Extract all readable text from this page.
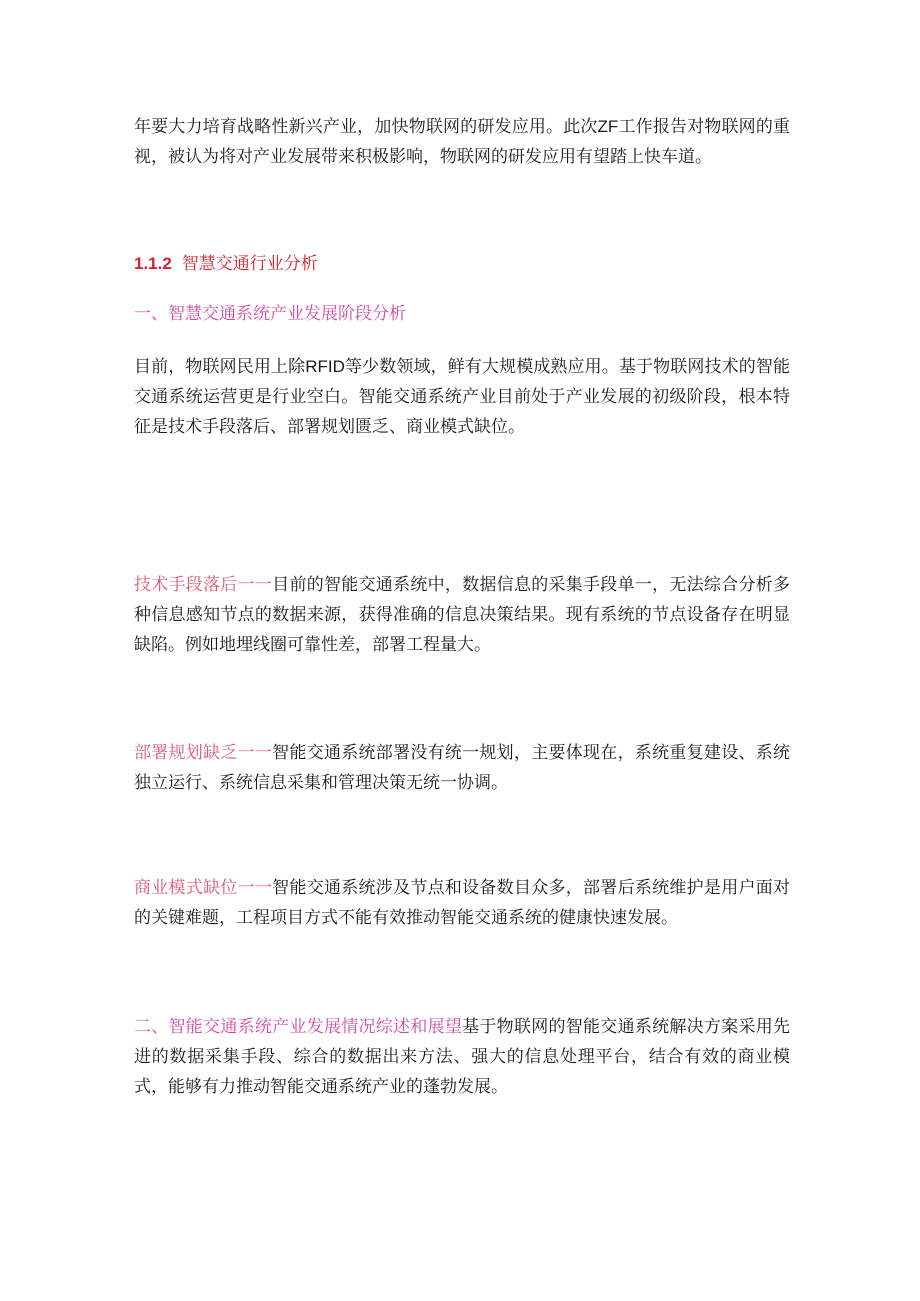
年要大力培育战略性新兴产业，加快物联网的研发应用。此次ZF工作报告对物联网的重视，被认为将对产业发展带来积极影响，物联网的研发应用有望踏上快车道。

1.1.2 智慧交通行业分析
一、智慧交通系统产业发展阶段分析

目前，物联网民用上除RFID等少数领域，鲜有大规模成熟应用。基于物联网技术的智能交通系统运营更是行业空白。智能交通系统产业目前处于产业发展的初级阶段，根本特征是技术手段落后、部署规划匮乏、商业模式缺位。

技术手段落后一一目前的智能交通系统中，数据信息的采集手段单一，无法综合分析多种信息感知节点的数据来源，获得准确的信息决策结果。现有系统的节点设备存在明显缺陷。例如地埋线圈可靠性差，部署工程量大。

部署规划缺乏一一智能交通系统部署没有统一规划，主要体现在，系统重复建设、系统独立运行、系统信息采集和管理决策无统一协调。

商业模式缺位一一智能交通系统涉及节点和设备数目众多，部署后系统维护是用户面对的关键难题，工程项目方式不能有效推动智能交通系统的健康快速发展。

二、智能交通系统产业发展情况综述和展望基于物联网的智能交通系统解决方案采用先进的数据采集手段、综合的数据出来方法、强大的信息处理平台，结合有效的商业模式，能够有力推动智能交通系统产业的蓬勃发展。
